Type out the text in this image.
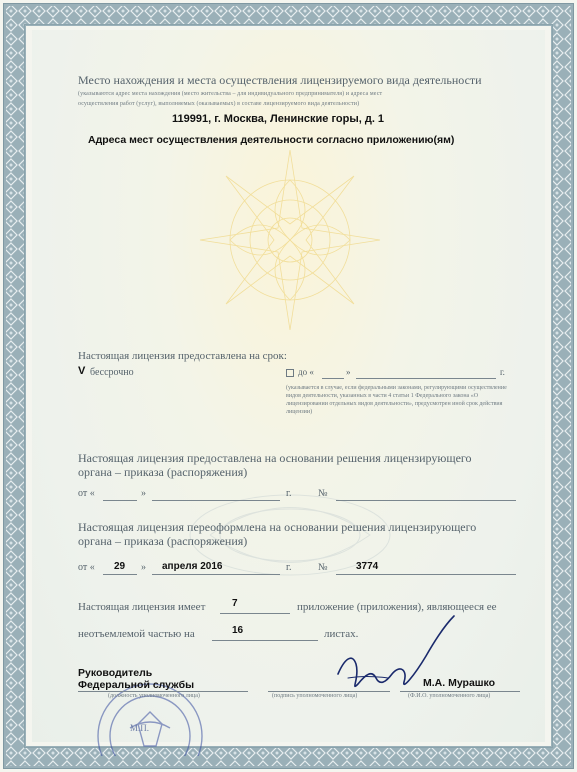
Место нахождения и места осуществления лицензируемого вида деятельности
(указываются адрес места нахождения (место жительства – для индивидуального предпринимателя) и адреса мест
осуществления работ (услуг), выполняемых (оказываемых) в составе лицензируемого вида деятельности)
119991, г. Москва, Ленинские горы, д. 1
Адреса мест осуществления деятельности согласно приложению(ям)
Настоящая лицензия предоставлена на срок:
V бессрочно	до «	»	г.
(указывается в случае, если федеральными законами, регулирующими осуществление видов деятельности, указанных в части 4 статьи 1 Федерального закона «О лицензировании отдельных видов деятельности», предусмотрен иной срок действия лицензии)
Настоящая лицензия предоставлена на основании решения лицензирующего
органа – приказа (распоряжения)
от «	»	г.	№
Настоящая лицензия переоформлена на основании решения лицензирующего
органа – приказа (распоряжения)
от « 29 » апреля 2016	г.	№	3774
Настоящая лицензия имеет	7	приложение (приложения), являющееся ее
неотъемлемой частью на	16	листах.
М.П.
Руководитель
Федеральной службы
(должность уполномоченного лица)	(подпись уполномоченного лица)
М.А. Мурашко
(Ф.И.О. уполномоченного лица)
